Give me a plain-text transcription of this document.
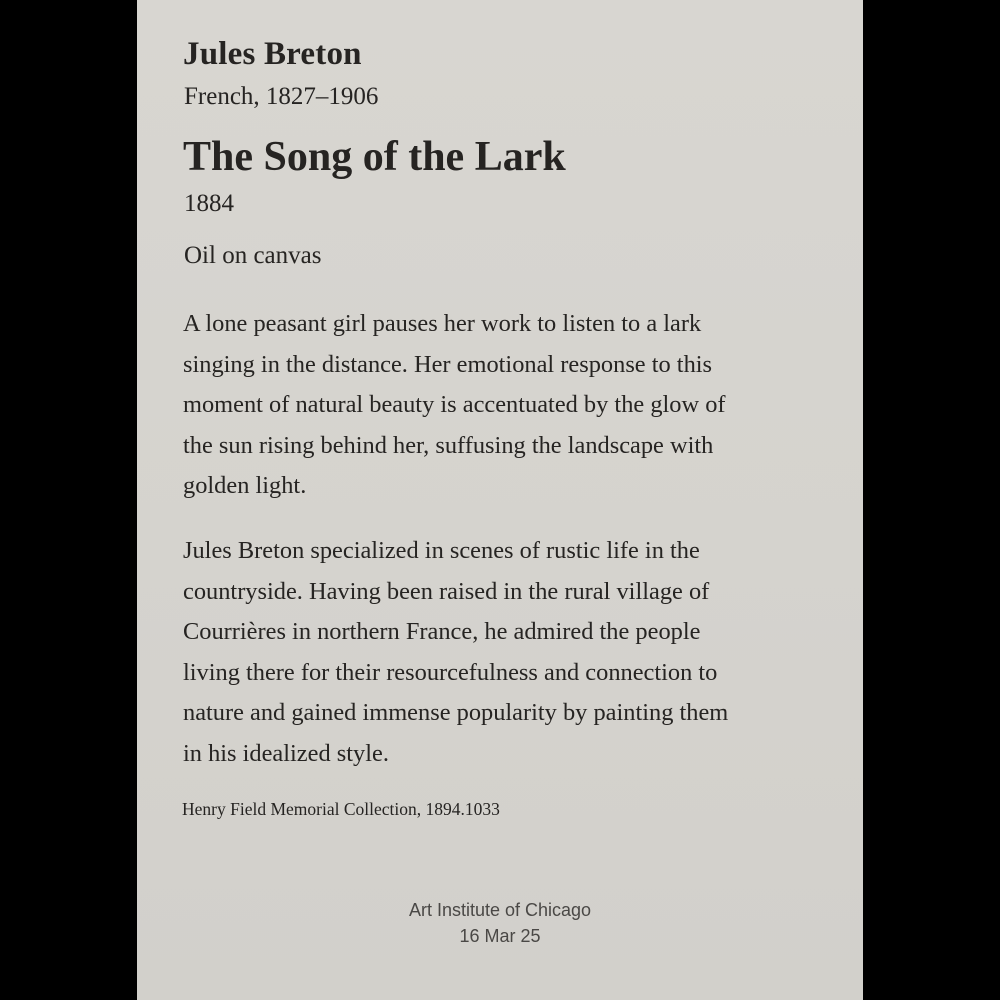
Jules Breton
French, 1827–1906
The Song of the Lark
1884
Oil on canvas

A lone peasant girl pauses her work to listen to a lark
singing in the distance. Her emotional response to this
moment of natural beauty is accentuated by the glow of
the sun rising behind her, suffusing the landscape with
golden light.

Jules Breton specialized in scenes of rustic life in the
countryside. Having been raised in the rural village of
Courrières in northern France, he admired the people
living there for their resourcefulness and connection to
nature and gained immense popularity by painting them
in his idealized style.

Henry Field Memorial Collection, 1894.1033
Art Institute of Chicago
16 Mar 25
